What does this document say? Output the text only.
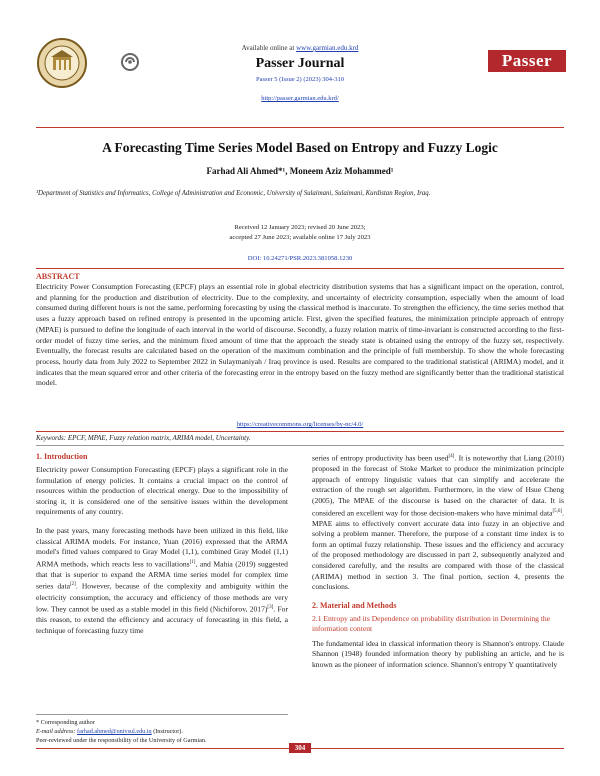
Available online at www.garmian.edu.krd
Passer Journal
Passer 5 (Issue 2) (2023) 304-310
http://passer.garmian.edu.krd/
Passer
A Forecasting Time Series Model Based on Entropy and Fuzzy Logic
Farhad Ali Ahmed*¹, Moneem Aziz Mohammed¹
¹Department of Statistics and Informatics, College of Administration and Economic, University of Sulaimani, Sulaimani, Kurdistan Region, Iraq.
Received 12 January 2023; revised 20 June 2023;
accepted 27 June 2023; available online 17 July 2023
DOI: 10.24271/PSR.2023.381058.1230
ABSTRACT
Electricity Power Consumption Forecasting (EPCF) plays an essential role in global electricity distribution systems that has a significant impact on the operation, control, and planning for the production and distribution of electricity. Due to the complexity, and uncertainty of electricity consumption, especially when the amount of load consumed during different hours is not the same, performing forecasting by using the classical method is inaccurate. To strengthen the efficiency, the time series method that uses a fuzzy approach based on refined entropy is presented in the upcoming article. First, given the specified features, the minimization principle approach of entropy (MPAE) is pursued to define the longitude of each interval in the world of discourse. Secondly, a fuzzy relation matrix of time-invariant is constructed according to the first-order model of fuzzy time series, and the minimum fixed amount of time that the approach the steady state is obtained using the entropy of the fuzzy set, respectively. Eventually, the forecast results are calculated based on the operation of the maximum combination and the principle of full membership. To show the whole forecasting process, hourly data from July 2022 to September 2022 in Sulaymaniyah / Iraq province is used. Results are compared to the traditional statistical (ARIMA) model, and it indicates that the mean squared error and other criteria of the forecasting error in the entropy based on the fuzzy method are significantly better than the traditional statistical model.
https://creativecommons.org/licenses/by-nc/4.0/
Keywords: EPCF, MPAE, Fuzzy relation matrix, ARIMA model, Uncertainty.
1. Introduction

Electricity power Consumption Forecasting (EPCF) plays a significant role in the formulation of energy policies. It contains a crucial impact on the control of resources within the production of electrical energy. Due to the impossibility of storing it, it is considered one of the sensitive issues within the development requirements of any country.

In the past years, many forecasting methods have been utilized in this field, like classical ARIMA models. For instance, Yuan (2016) expressed that the ARMA model's fitted values compared to Gray Model (1,1), combined Gray Model (1,1) ARMA methods, which reacts less to vacillations[1], and Mahia (2019) suggested that that is superior to expand the ARMA time series model for complex time series data[2]. However, because of the complexity and ambiguity within the electricity consumption, the accuracy and efficiency of those methods are very low. They cannot be used as a stable model in this field (Nichiforov, 2017)[3]. For this reason, to extend the efficiency and accuracy of forecasting in this field, a technique of forecasting fuzzy time

series of entropy productivity has been used[4]. It is noteworthy that Liang (2010) proposed in the forecast of Stoke Market to produce the minimization principle approach of entropy linguistic values that can simplify and accelerate the extraction of the rough set algorithm. Furthermore, in the view of Hsue Cheng (2005), The MPAE of the discourse is based on the character of data. It is considered an excellent way for those decision-makers who have minimal data[5,6]. MPAE aims to effectively convert accurate data into fuzzy in an objective and solving a problem manner. Therefore, the purpose of a constant time index is to form an optimal fuzzy relationship. These issues and the efficiency and accuracy of the proposed methodology are discussed in part 2, subsequently analyzed and considered carefully, and the results are compared with those of the classical (ARIMA) method in section 3. The final portion, section 4, presents the conclusions.

2. Material and Methods
2.1 Entropy and its Dependence on probability distribution in Determining the information content

The fundamental idea in classical information theory is Shannon's entropy. Claude Shannon (1948) founded information theory by publishing an article, and he is known as the pioneer of information science. Shannon's entropy Y quantitatively

* Corresponding author
E-mail address: farhad.ahmed@univsul.edu.iq (Instructor).
Peer-reviewed under the responsibility of the University of Garmian.
304
